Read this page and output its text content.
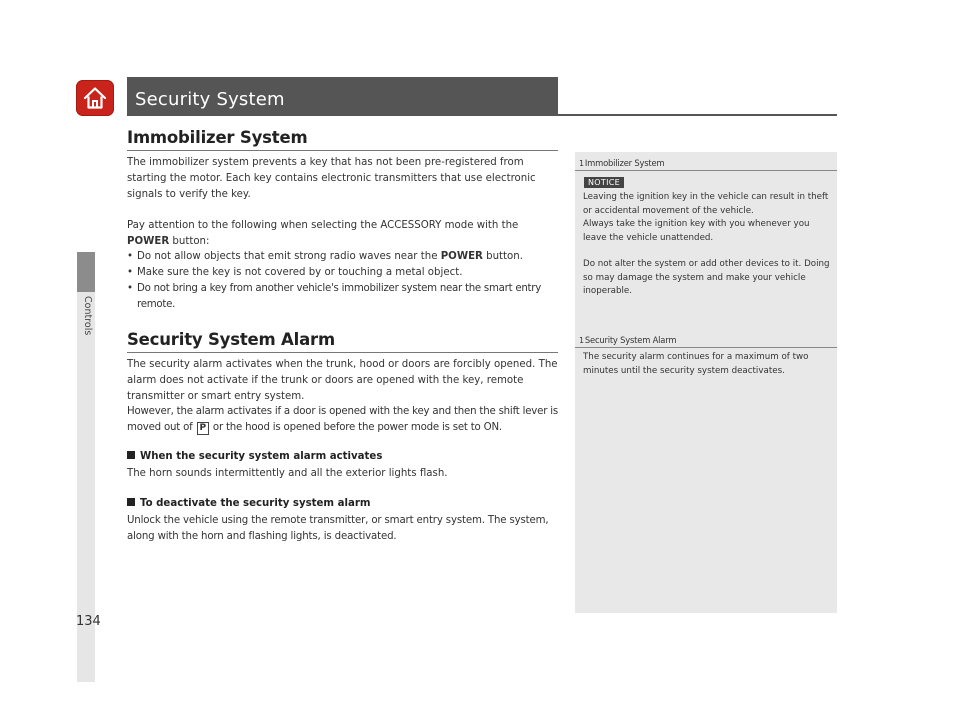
Controls
134
Security System
Immobilizer System

The immobilizer system prevents a key that has not been pre-registered from starting the motor. Each key contains electronic transmitters that use electronic signals to verify the key.

Pay attention to the following when selecting the ACCESSORY mode with the POWER button:

• Do not allow objects that emit strong radio waves near the POWER button.
• Make sure the key is not covered by or touching a metal object.
• Do not bring a key from another vehicle's immobilizer system near the smart entry remote.
Security System Alarm

The security alarm activates when the trunk, hood or doors are forcibly opened. The alarm does not activate if the trunk or doors are opened with the key, remote transmitter or smart entry system.

However, the alarm activates if a door is opened with the key and then the shift lever is moved out of P or the hood is opened before the power mode is set to ON.

When the security system alarm activates

The horn sounds intermittently and all the exterior lights flash.

To deactivate the security system alarm

Unlock the vehicle using the remote transmitter, or smart entry system. The system, along with the horn and flashing lights, is deactivated.

1Immobilizer System
NOTICE

Leaving the ignition key in the vehicle can result in theft or accidental movement of the vehicle.

Always take the ignition key with you whenever you leave the vehicle unattended.

Do not alter the system or add other devices to it. Doing so may damage the system and make your vehicle inoperable.

1Security System Alarm

The security alarm continues for a maximum of two minutes until the security system deactivates.
